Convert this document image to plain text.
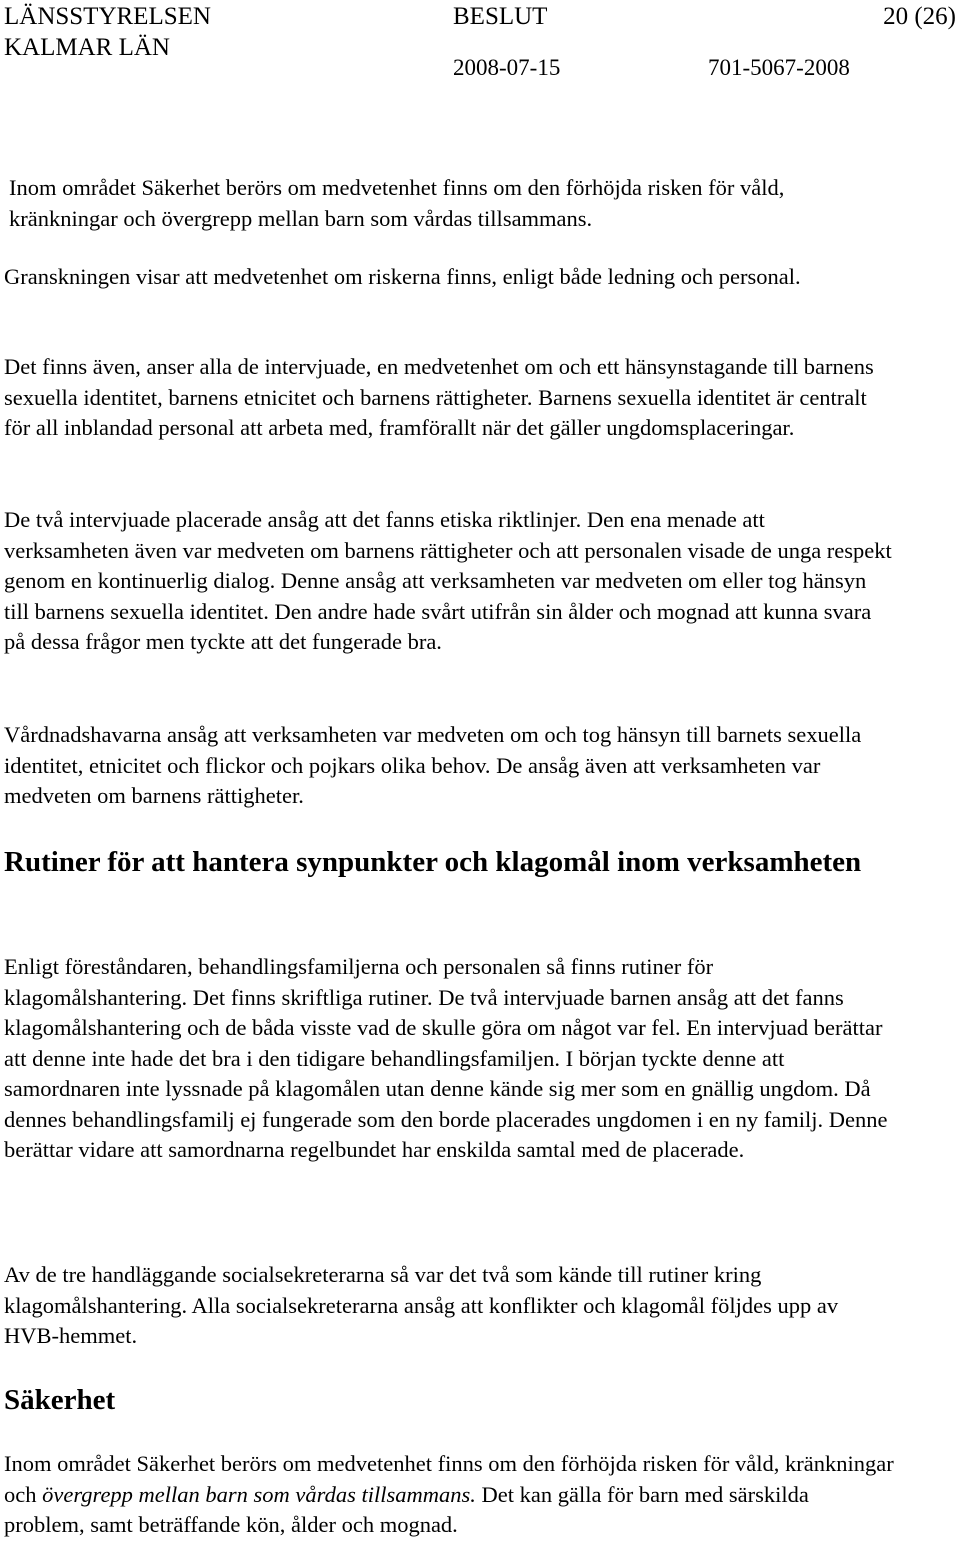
LÄNSSTYRELSEN
KALMAR LÄN
BESLUT
2008-07-15
20 (26)
701-5067-2008

Inom området Säkerhet berörs om medvetenhet finns om den förhöjda risken för våld, kränkningar och övergrepp mellan barn som vårdas tillsammans.

Granskningen visar att medvetenhet om riskerna finns, enligt både ledning och personal.

Det finns även, anser alla de intervjuade, en medvetenhet om och ett hänsynstagande till barnens sexuella identitet, barnens etnicitet och barnens rättigheter. Barnens sexuella identitet är centralt för all inblandad personal att arbeta med, framförallt när det gäller ungdomsplaceringar.

De två intervjuade placerade ansåg att det fanns etiska riktlinjer. Den ena menade att verksamheten även var medveten om barnens rättigheter och att personalen visade de unga respekt genom en kontinuerlig dialog. Denne ansåg att verksamheten var medveten om eller tog hänsyn till barnens sexuella identitet. Den andre hade svårt utifrån sin ålder och mognad att kunna svara på dessa frågor men tyckte att det fungerade bra.

Vårdnadshavarna ansåg att verksamheten var medveten om och tog hänsyn till barnets sexuella identitet, etnicitet och flickor och pojkars olika behov. De ansåg även att verksamheten var medveten om barnens rättigheter.

Rutiner för att hantera synpunkter och klagomål inom verksamheten

Enligt föreståndaren, behandlingsfamiljerna och personalen så finns rutiner för klagomålshantering. Det finns skriftliga rutiner. De två intervjuade barnen ansåg att det fanns klagomålshantering och de båda visste vad de skulle göra om något var fel. En intervjuad berättar att denne inte hade det bra i den tidigare behandlingsfamiljen. I början tyckte denne att samordnaren inte lyssnade på klagomålen utan denne kände sig mer som en gnällig ungdom. Då dennes behandlingsfamilj ej fungerade som den borde placerades ungdomen i en ny familj. Denne berättar vidare att samordnarna regelbundet har enskilda samtal med de placerade.

Av de tre handläggande socialsekreterarna så var det två som kände till rutiner kring klagomålshantering. Alla socialsekreterarna ansåg att konflikter och klagomål följdes upp av HVB-hemmet.

Säkerhet

Inom området Säkerhet berörs om medvetenhet finns om den förhöjda risken för våld, kränkningar och övergrepp mellan barn som vårdas tillsammans. Det kan gälla för barn med särskilda problem, samt beträffande kön, ålder och mognad.
